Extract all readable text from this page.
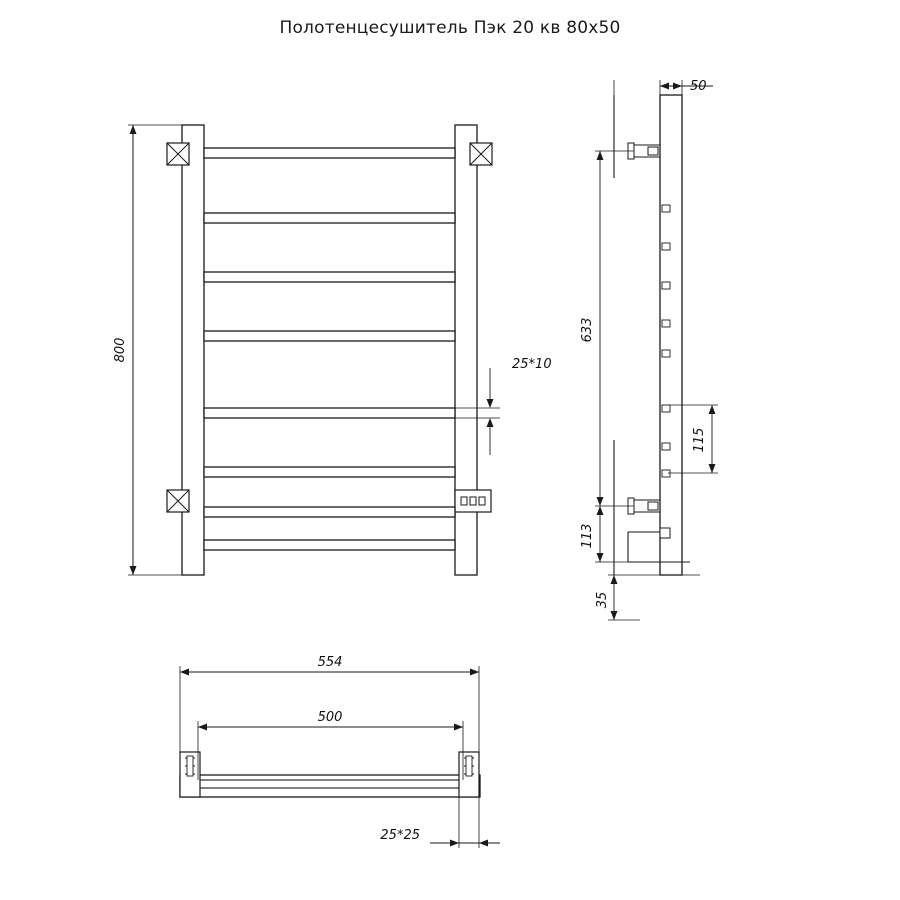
Полотенцесушитель Пэк 20 кв 80х50
800
25*10
50
633
115
113
35
554
500
25*25
